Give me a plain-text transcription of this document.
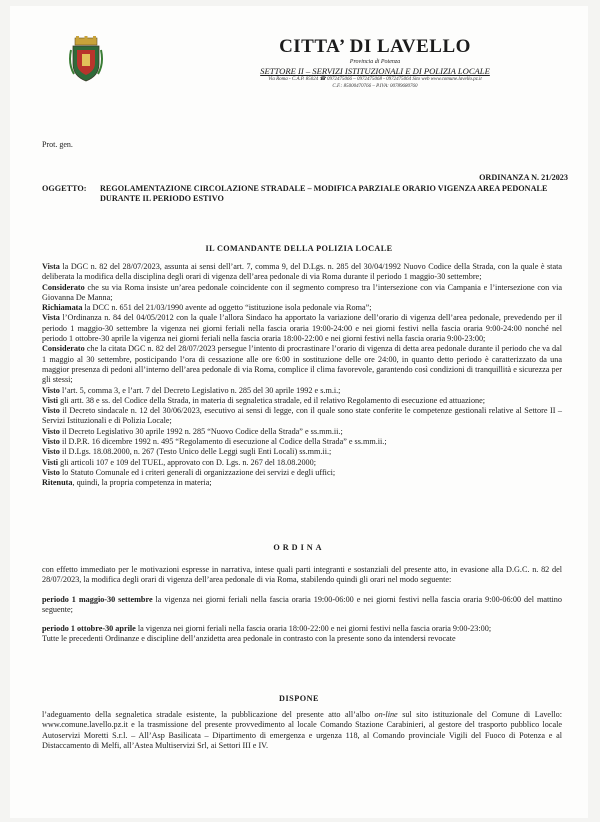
CITTA’ DI LAVELLO
Provincia di Potenza
SETTORE II – SERVIZI ISTITUZIONALI E DI POLIZIA LOCALE
Via Roma - C.A.P. 85024 ☎ 0972475066 – 0972475068 - 0972475064 Sito web www.comune.lavello.pz.it
C.F.: 85000470766 – P.IVA: 00789680760
Prot. gen.
ORDINANZA N. 21/2023
OGGETTO: REGOLAMENTAZIONE CIRCOLAZIONE STRADALE – MODIFICA PARZIALE ORARIO VIGENZA AREA PEDONALE DURANTE IL PERIODO ESTIVO
IL COMANDANTE DELLA POLIZIA LOCALE

Vista la DGC n. 82 del 28/07/2023, assunta ai sensi dell’art. 7, comma 9, del D.Lgs. n. 285 del 30/04/1992 Nuovo Codice della Strada, con la quale è stata deliberata la modifica della disciplina degli orari di vigenza dell’area pedonale di via Roma durante il periodo 1 maggio-30 settembre;

Considerato che su via Roma insiste un’area pedonale coincidente con il segmento compreso tra l’intersezione con via Campania e l’intersezione con via Giovanna De Manna;

Richiamata la DCC n. 651 del 21/03/1990 avente ad oggetto “istituzione isola pedonale via Roma”;

Vista l’Ordinanza n. 84 del 04/05/2012 con la quale l’allora Sindaco ha apportato la variazione dell’orario di vigenza dell’area pedonale, prevedendo per il periodo 1 maggio-30 settembre la vigenza nei giorni feriali nella fascia oraria 19:00-24:00 e nei giorni festivi nella fascia oraria 9:00-24:00 nonché nel periodo 1 ottobre-30 aprile la vigenza nei giorni feriali nella fascia oraria 18:00-22:00 e nei giorni festivi nella fascia oraria 9:00-23:00;

Considerato che la citata DGC n. 82 del 28/07/2023 persegue l’intento di procrastinare l’orario di vigenza di detta area pedonale durante il periodo che va dal 1 maggio al 30 settembre, posticipando l’ora di cessazione alle ore 6:00 in sostituzione delle ore 24:00, in quanto detto periodo è caratterizzato da una maggior presenza di pedoni all’interno dell’area pedonale di via Roma, complice il clima favorevole, garantendo così condizioni di tranquillità e sicurezza per gli stessi;

Visto l’art. 5, comma 3, e l’art. 7 del Decreto Legislativo n. 285 del 30 aprile 1992 e s.m.i.;

Visti gli artt. 38 e ss. del Codice della Strada, in materia di segnaletica stradale, ed il relativo Regolamento di esecuzione ed attuazione;

Visto il Decreto sindacale n. 12 del 30/06/2023, esecutivo ai sensi di legge, con il quale sono state conferite le competenze gestionali relative al Settore II – Servizi Istituzionali e di Polizia Locale;

Visto il Decreto Legislativo 30 aprile 1992 n. 285 “Nuovo Codice della Strada” e ss.mm.ii.;

Visto il D.P.R. 16 dicembre 1992 n. 495 “Regolamento di esecuzione al Codice della Strada” e ss.mm.ii.;

Visto il D.Lgs. 18.08.2000, n. 267 (Testo Unico delle Leggi sugli Enti Locali) ss.mm.ii.;

Visti gli articoli 107 e 109 del TUEL, approvato con D. Lgs. n. 267 del 18.08.2000;

Visto lo Statuto Comunale ed i criteri generali di organizzazione dei servizi e degli uffici;

Ritenuta, quindi, la propria competenza in materia;

ORDINA

con effetto immediato per le motivazioni espresse in narrativa, intese quali parti integranti e sostanziali del presente atto, in evasione alla D.G.C. n. 82 del 28/07/2023, la modifica degli orari di vigenza dell’area pedonale di via Roma, stabilendo quindi gli orari nel modo seguente:

periodo 1 maggio-30 settembre la vigenza nei giorni feriali nella fascia oraria 19:00-06:00 e nei giorni festivi nella fascia oraria 9:00-06:00 del mattino seguente;

periodo 1 ottobre-30 aprile la vigenza nei giorni feriali nella fascia oraria 18:00-22:00 e nei giorni festivi nella fascia oraria 9:00-23:00;

Tutte le precedenti Ordinanze e discipline dell’anzidetta area pedonale in contrasto con la presente sono da intendersi revocate

DISPONE

l’adeguamento della segnaletica stradale esistente, la pubblicazione del presente atto all’albo on-line sul sito istituzionale del Comune di Lavello: www.comune.lavello.pz.it e la trasmissione del presente provvedimento al locale Comando Stazione Carabinieri, al gestore del trasporto pubblico locale Autoservizi Moretti S.r.l. – All’Asp Basilicata – Dipartimento di emergenza e urgenza 118, al Comando provinciale Vigili del Fuoco di Potenza e al Distaccamento di Melfi, all’Astea Multiservizi Srl, ai Settori III e IV.
